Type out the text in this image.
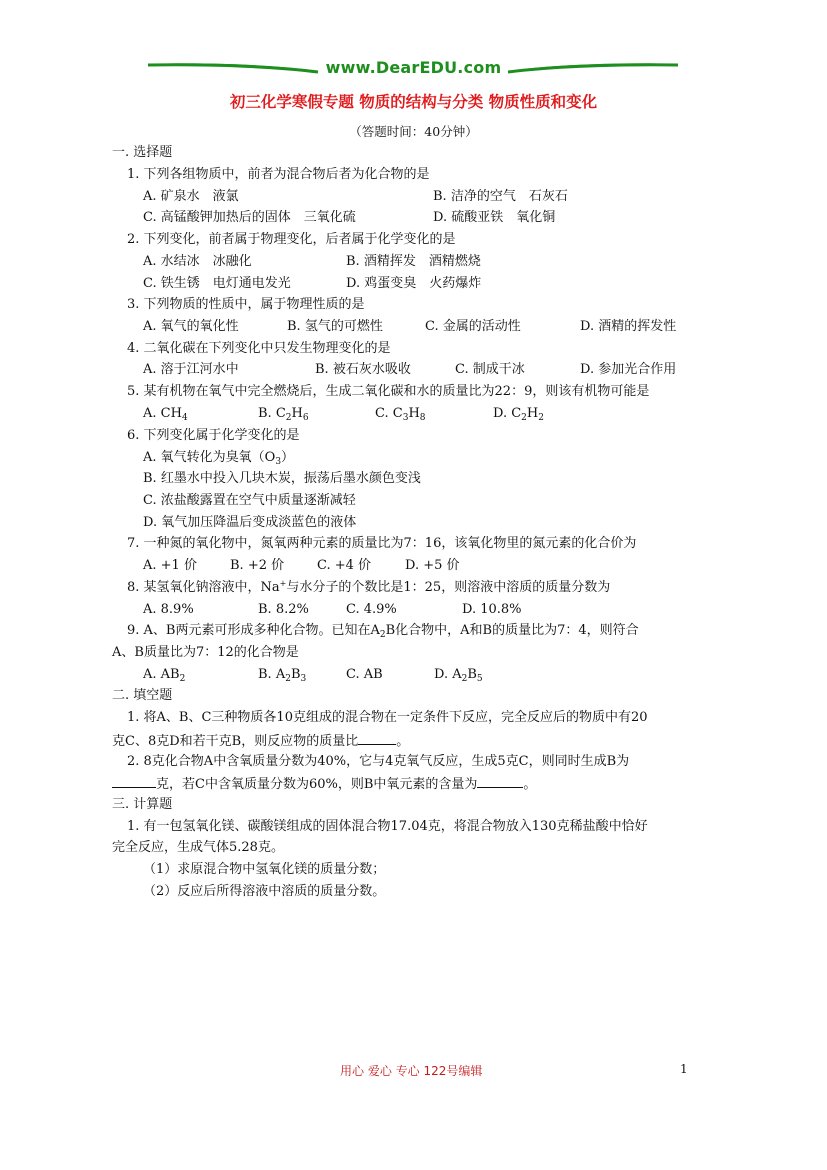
www.DearEDU.com
初三化学寒假专题 物质的结构与分类 物质性质和变化
（答题时间：40分钟）
一. 选择题
1. 下列各组物质中，前者为混合物后者为化合物的是
A. 矿泉水　液氯	B. 洁净的空气　石灰石
C. 高锰酸钾加热后的固体　三氧化硫	D. 硫酸亚铁　氧化铜
2. 下列变化，前者属于物理变化，后者属于化学变化的是
A. 水结冰　冰融化	B. 酒精挥发　酒精燃烧
C. 铁生锈　电灯通电发光	D. 鸡蛋变臭　火药爆炸
3. 下列物质的性质中，属于物理性质的是
A. 氧气的氧化性	B. 氢气的可燃性	C. 金属的活动性	D. 酒精的挥发性
4. 二氧化碳在下列变化中只发生物理变化的是
A. 溶于江河水中	B. 被石灰水吸收	C. 制成干冰	D. 参加光合作用
5. 某有机物在氧气中完全燃烧后，生成二氧化碳和水的质量比为22：9，则该有机物可能是
A. $CH_4$	B. $C_2H_6$	C. $C_3H_8$	D. $C_2H_2$
6. 下列变化属于化学变化的是
A. 氧气转化为臭氧$(O_3)$
B. 红墨水中投入几块木炭，振荡后墨水颜色变浅
C. 浓盐酸露置在空气中质量逐渐减轻
D. 氧气加压降温后变成淡蓝色的液体
7. 一种氮的氧化物中，氮氧两种元素的质量比为7：16，该氧化物里的氮元素的化合价为
A. +1 价	B. +2 价	C. +4 价	D. +5 价
8. 某氢氧化钠溶液中，Na+与水分子的个数比是1：25，则溶液中溶质的质量分数为
A. 8.9%	B. 8.2%	C. 4.9%	D. 10.8%
9. A、B两元素可形成多种化合物。已知在$A_2B$化合物中，A和B的质量比为7：4，则符合
A、B质量比为7：12的化合物是
A. $AB_2$	B. $A_2B_3$	C. AB	D. $A_2B_5$
二. 填空题
1. 将A、B、C三种物质各10克组成的混合物在一定条件下反应，完全反应后的物质中有20
克C、8克D和若干克B，则反应物的质量比	。
2. 8克化合物A中含氧质量分数为40%，它与4克氧气反应，生成5克C，则同时生成B为
克，若C中含氧质量分数为60%，则B中氧元素的含量为	。
三. 计算题
1. 有一包氢氧化镁、碳酸镁组成的固体混合物17.04克，将混合物放入130克稀盐酸中恰好
完全反应，生成气体5.28克。
（1）求原混合物中氢氧化镁的质量分数；
（2）反应后所得溶液中溶质的质量分数。
用心 爱心 专心 122号编辑	1
